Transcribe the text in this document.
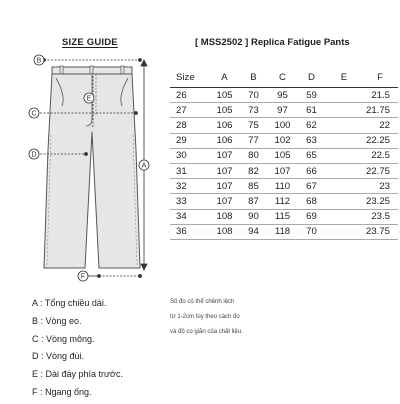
SIZE GUIDE	[ MSS2502 ] Replica Fatigue Pants
B
C
D
E
A
F
Size	A	B	C	D	E	F
26	105	70	95	59		21.5
27	105	73	97	61		21.75
28	106	75	100	62		22
29	106	77	102	63		22.25
30	107	80	105	65		22.5
31	107	82	107	66		22.75
32	107	85	110	67		23
33	107	87	112	68		23.25
34	108	90	115	69		23.5
36	108	94	118	70		23.75
A : Tổng chiều dài.
B : Vòng eo.
C : Vòng mông.
D : Vòng đùi.
E : Dài đáy phía trước.
F : Ngang ống.
Số đo có thể chênh lệch
từ 1-2cm tùy theo cách đo
và độ co giãn của chất liệu.
